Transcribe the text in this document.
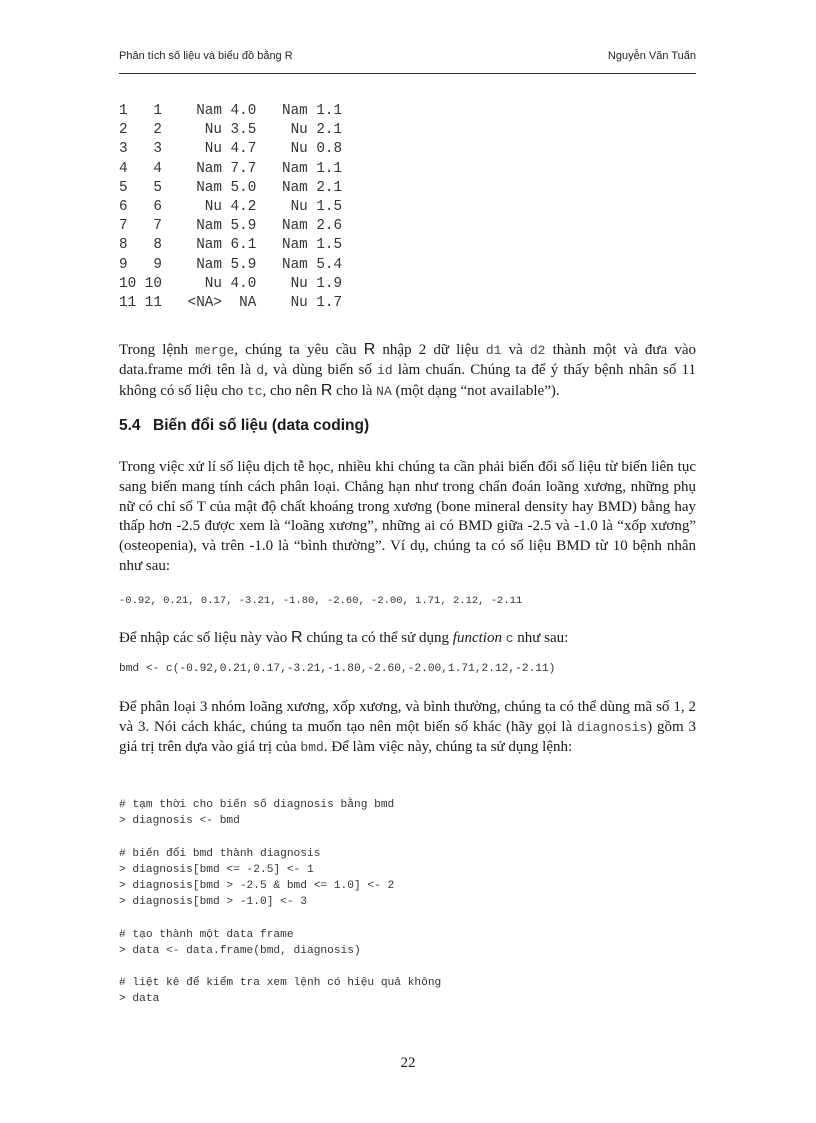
Phân tích số liệu và biểu đồ bằng R	Nguyễn Văn Tuấn
1   1    Nam 4.0   Nam 1.1
2   2     Nu 3.5    Nu 2.1
3   3     Nu 4.7    Nu 0.8
4   4    Nam 7.7   Nam 1.1
5   5    Nam 5.0   Nam 2.1
6   6     Nu 4.2    Nu 1.5
7   7    Nam 5.9   Nam 2.6
8   8    Nam 6.1   Nam 1.5
9   9    Nam 5.9   Nam 5.4
10 10     Nu 4.0    Nu 1.9
11 11   <NA>  NA    Nu 1.7

Trong lệnh merge, chúng ta yêu cầu R nhập 2 dữ liệu d1 và d2 thành một và đưa vào data.frame mới tên là d, và dùng biến số id làm chuẩn. Chúng ta để ý thấy bệnh nhân số 11 không có số liệu cho tc, cho nên R cho là NA (một dạng “not available”).

5.4 Biến đổi số liệu (data coding)

Trong việc xử lí số liệu dịch tễ học, nhiều khi chúng ta cần phải biến đổi số liệu từ biến liên tục sang biến mang tính cách phân loại. Chẳng hạn như trong chẩn đoán loãng xương, những phụ nữ có chỉ số T của mật độ chất khoáng trong xương (bone mineral density hay BMD) bằng hay thấp hơn -2.5 được xem là “loãng xương”, những ai có BMD giữa -2.5 và -1.0 là “xốp xương” (osteopenia), và trên -1.0 là “bình thường”. Ví dụ, chúng ta có số liệu BMD từ 10 bệnh nhân như sau:

-0.92, 0.21, 0.17, -3.21, -1.80, -2.60, -2.00, 1.71, 2.12, -2.11

Để nhập các số liệu này vào R chúng ta có thể sử dụng function c như sau:

bmd <- c(-0.92,0.21,0.17,-3.21,-1.80,-2.60,-2.00,1.71,2.12,-2.11)

Để phân loại 3 nhóm loãng xương, xốp xương, và bình thường, chúng ta có thể dùng mã số 1, 2 và 3. Nói cách khác, chúng ta muốn tạo nên một biến số khác (hãy gọi là diagnosis) gồm 3 giá trị trên dựa vào giá trị của bmd. Để làm việc này, chúng ta sử dụng lệnh:

# tạm thời cho biến số diagnosis bằng bmd
> diagnosis <- bmd

# biến đổi bmd thành diagnosis
> diagnosis[bmd <= -2.5] <- 1
> diagnosis[bmd > -2.5 & bmd <= 1.0] <- 2
> diagnosis[bmd > -1.0] <- 3

# tạo thành một data frame
> data <- data.frame(bmd, diagnosis)

# liệt kê để kiểm tra xem lệnh có hiệu quả không
> data
22
